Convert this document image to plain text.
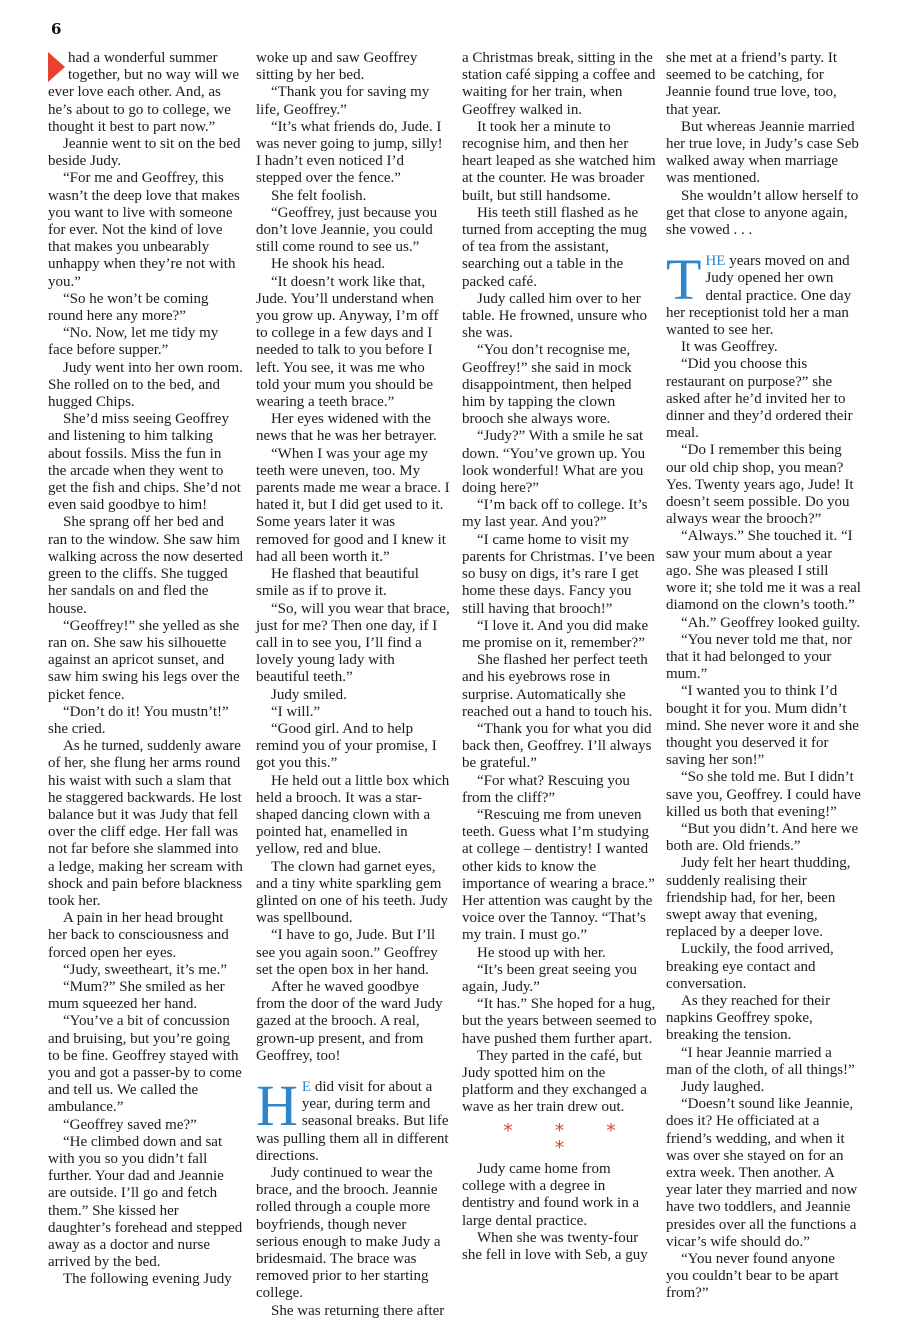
6

had a wonderful summer together, but no way will we ever love each other. And, as he’s about to go to college, we thought it best to part now.”

Jeannie went to sit on the bed beside Judy.

“For me and Geoffrey, this wasn’t the deep love that makes you want to live with someone for ever. Not the kind of love that makes you unbearably unhappy when they’re not with you.”

“So he won’t be coming round here any more?”

“No. Now, let me tidy my face before supper.”

Judy went into her own room. She rolled on to the bed, and hugged Chips.

She’d miss seeing Geoffrey and listening to him talking about fossils. Miss the fun in the arcade when they went to get the fish and chips. She’d not even said goodbye to him!

She sprang off her bed and ran to the window. She saw him walking across the now deserted green to the cliffs. She tugged her sandals on and fled the house.

“Geoffrey!” she yelled as she ran on. She saw his silhouette against an apricot sunset, and saw him swing his legs over the picket fence.

“Don’t do it! You mustn’t!” she cried.

As he turned, suddenly aware of her, she flung her arms round his waist with such a slam that he staggered backwards. He lost balance but it was Judy that fell over the cliff edge. Her fall was not far before she slammed into a ledge, making her scream with shock and pain before blackness took her.

A pain in her head brought her back to consciousness and forced open her eyes.

“Judy, sweetheart, it’s me.”

“Mum?” She smiled as her mum squeezed her hand.

“You’ve a bit of concussion and bruising, but you’re going to be fine. Geoffrey stayed with you and got a passer-by to come and tell us. We called the ambulance.”

“Geoffrey saved me?”

“He climbed down and sat with you so you didn’t fall further. Your dad and Jeannie are outside. I’ll go and fetch them.” She kissed her daughter’s forehead and stepped away as a doctor and nurse arrived by the bed.

The following evening Judy

woke up and saw Geoffrey sitting by her bed.

“Thank you for saving my life, Geoffrey.”

“It’s what friends do, Jude. I was never going to jump, silly! I hadn’t even noticed I’d stepped over the fence.”

She felt foolish.

“Geoffrey, just because you don’t love Jeannie, you could still come round to see us.”

He shook his head.

“It doesn’t work like that, Jude. You’ll understand when you grow up. Anyway, I’m off to college in a few days and I needed to talk to you before I left. You see, it was me who told your mum you should be wearing a teeth brace.”

Her eyes widened with the news that he was her betrayer.

“When I was your age my teeth were uneven, too. My parents made me wear a brace. I hated it, but I did get used to it. Some years later it was removed for good and I knew it had all been worth it.”

He flashed that beautiful smile as if to prove it.

“So, will you wear that brace, just for me? Then one day, if I call in to see you, I’ll find a lovely young lady with beautiful teeth.”

Judy smiled.

“I will.”

“Good girl. And to help remind you of your promise, I got you this.”

He held out a little box which held a brooch. It was a star-shaped dancing clown with a pointed hat, enamelled in yellow, red and blue.

The clown had garnet eyes, and a tiny white sparkling gem glinted on one of his teeth. Judy was spellbound.

“I have to go, Jude. But I’ll see you again soon.” Geoffrey set the open box in her hand.

After he waved goodbye from the door of the ward Judy gazed at the brooch. A real, grown-up present, and from Geoffrey, too!

H E did visit for about a year, during term and seasonal breaks. But life was pulling them all in different directions.

Judy continued to wear the brace, and the brooch. Jeannie rolled through a couple more boyfriends, though never serious enough to make Judy a bridesmaid. The brace was removed prior to her starting college.

She was returning there after

a Christmas break, sitting in the station café sipping a coffee and waiting for her train, when Geoffrey walked in.

It took her a minute to recognise him, and then her heart leaped as she watched him at the counter. He was broader built, but still handsome.

His teeth still flashed as he turned from accepting the mug of tea from the assistant, searching out a table in the packed café.

Judy called him over to her table. He frowned, unsure who she was.

“You don’t recognise me, Geoffrey!” she said in mock disappointment, then helped him by tapping the clown brooch she always wore.

“Judy?” With a smile he sat down. “You’ve grown up. You look wonderful! What are you doing here?”

“I’m back off to college. It’s my last year. And you?”

“I came home to visit my parents for Christmas. I’ve been so busy on digs, it’s rare I get home these days. Fancy you still having that brooch!”

“I love it. And you did make me promise on it, remember?”

She flashed her perfect teeth and his eyebrows rose in surprise. Automatically she reached out a hand to touch his.

“Thank you for what you did back then, Geoffrey. I’ll always be grateful.”

“For what? Rescuing you from the cliff?”

“Rescuing me from uneven teeth. Guess what I’m studying at college – dentistry! I wanted other kids to know the importance of wearing a brace.” Her attention was caught by the voice over the Tannoy. “That’s my train. I must go.”

He stood up with her.

“It’s been great seeing you again, Judy.”

“It has.” She hoped for a hug, but the years between seemed to have pushed them further apart.

They parted in the café, but Judy spotted him on the platform and they exchanged a wave as her train drew out.

* * * *

Judy came home from college with a degree in dentistry and found work in a large dental practice.

When she was twenty-four she fell in love with Seb, a guy

she met at a friend’s party. It seemed to be catching, for Jeannie found true love, too, that year.

But whereas Jeannie married her true love, in Judy’s case Seb walked away when marriage was mentioned.

She wouldn’t allow herself to get that close to anyone again, she vowed . . .

T HE years moved on and Judy opened her own dental practice. One day her receptionist told her a man wanted to see her.

It was Geoffrey.

“Did you choose this restaurant on purpose?” she asked after he’d invited her to dinner and they’d ordered their meal.

“Do I remember this being our old chip shop, you mean? Yes. Twenty years ago, Jude! It doesn’t seem possible. Do you always wear the brooch?”

“Always.” She touched it. “I saw your mum about a year ago. She was pleased I still wore it; she told me it was a real diamond on the clown’s tooth.”

“Ah.” Geoffrey looked guilty.

“You never told me that, nor that it had belonged to your mum.”

“I wanted you to think I’d bought it for you. Mum didn’t mind. She never wore it and she thought you deserved it for saving her son!”

“So she told me. But I didn’t save you, Geoffrey. I could have killed us both that evening!”

“But you didn’t. And here we both are. Old friends.”

Judy felt her heart thudding, suddenly realising their friendship had, for her, been swept away that evening, replaced by a deeper love.

Luckily, the food arrived, breaking eye contact and conversation.

As they reached for their napkins Geoffrey spoke, breaking the tension.

“I hear Jeannie married a man of the cloth, of all things!”

Judy laughed.

“Doesn’t sound like Jeannie, does it? He officiated at a friend’s wedding, and when it was over she stayed on for an extra week. Then another. A year later they married and now have two toddlers, and Jeannie presides over all the functions a vicar’s wife should do.”

“You never found anyone you couldn’t bear to be apart from?”
